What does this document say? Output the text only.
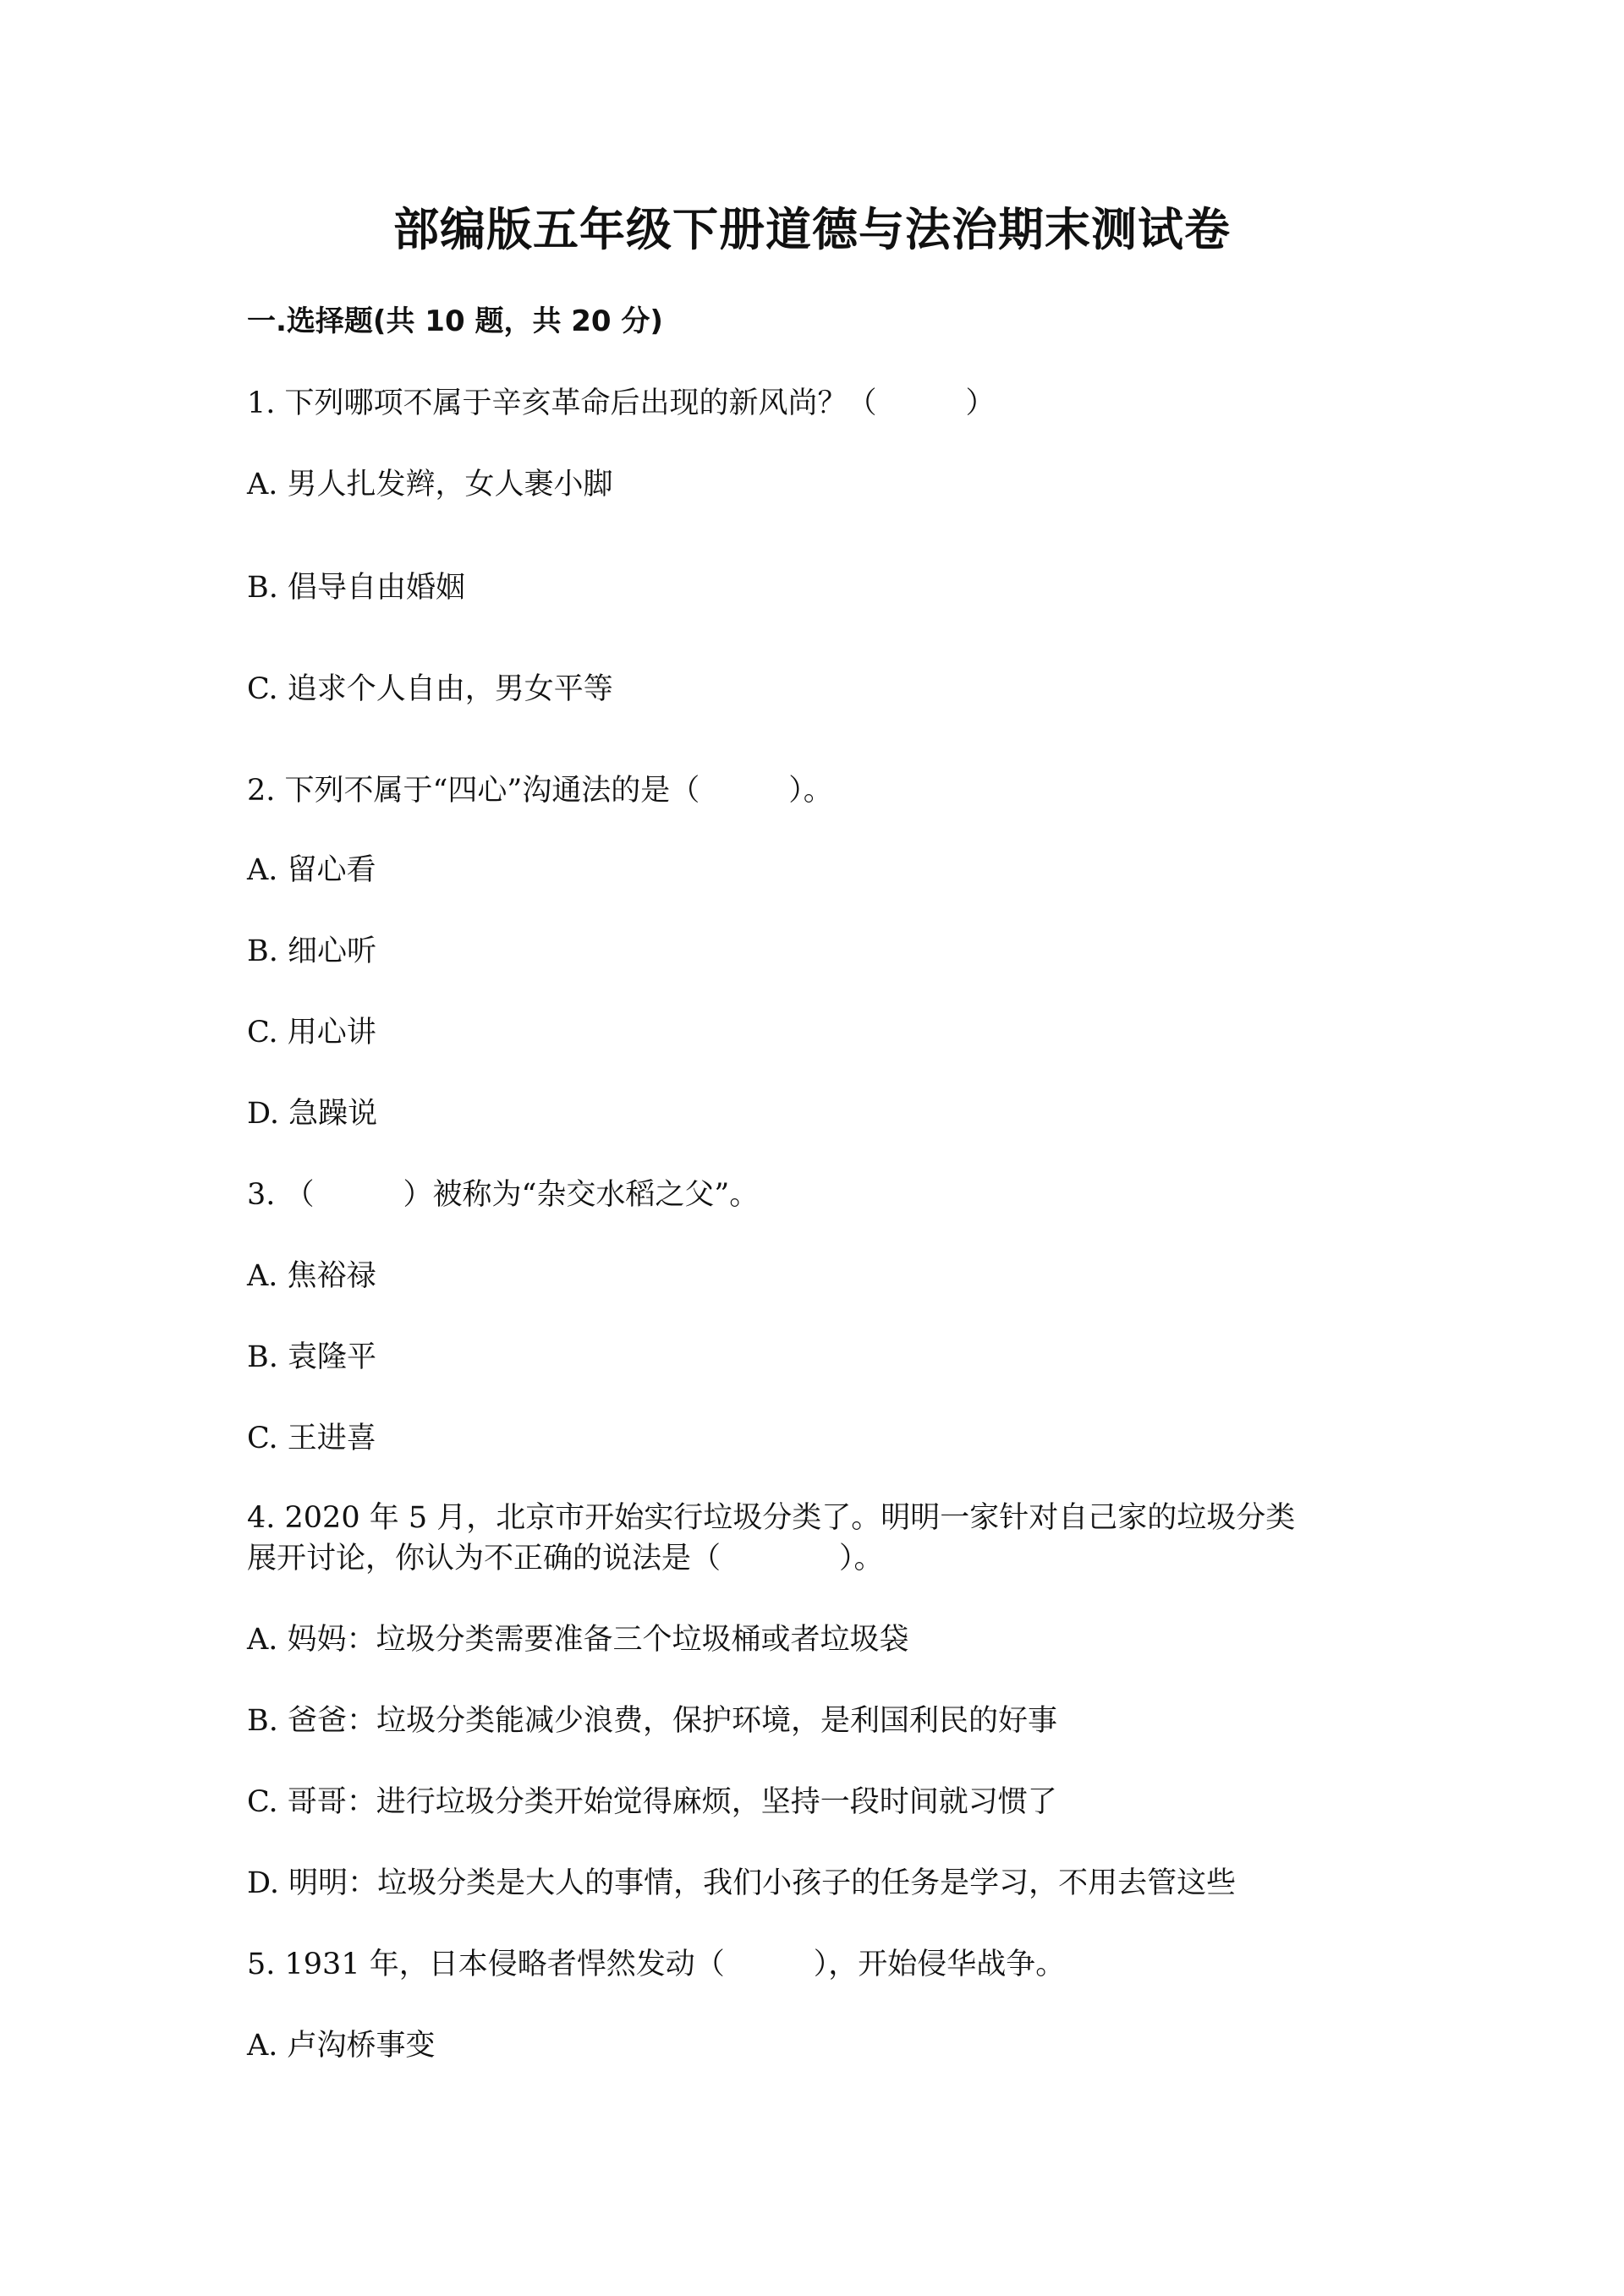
部编版五年级下册道德与法治期末测试卷
一.选择题(共 10 题，共 20 分)
1. 下列哪项不属于辛亥革命后出现的新风尚？（　　　）
A. 男人扎发辫，女人裹小脚
B. 倡导自由婚姻
C. 追求个人自由，男女平等
2. 下列不属于“四心”沟通法的是（　　　）。
A. 留心看
B. 细心听
C. 用心讲
D. 急躁说
3. （　　　）被称为“杂交水稻之父”。
A. 焦裕禄
B. 袁隆平
C. 王进喜
4. 2020 年 5 月，北京市开始实行垃圾分类了。明明一家针对自己家的垃圾分类
展开讨论，你认为不正确的说法是（　　　　）。
A. 妈妈：垃圾分类需要准备三个垃圾桶或者垃圾袋
B. 爸爸：垃圾分类能减少浪费，保护环境，是利国利民的好事
C. 哥哥：进行垃圾分类开始觉得麻烦，坚持一段时间就习惯了
D. 明明：垃圾分类是大人的事情，我们小孩子的任务是学习，不用去管这些
5. 1931 年，日本侵略者悍然发动（　　　），开始侵华战争。
A. 卢沟桥事变
